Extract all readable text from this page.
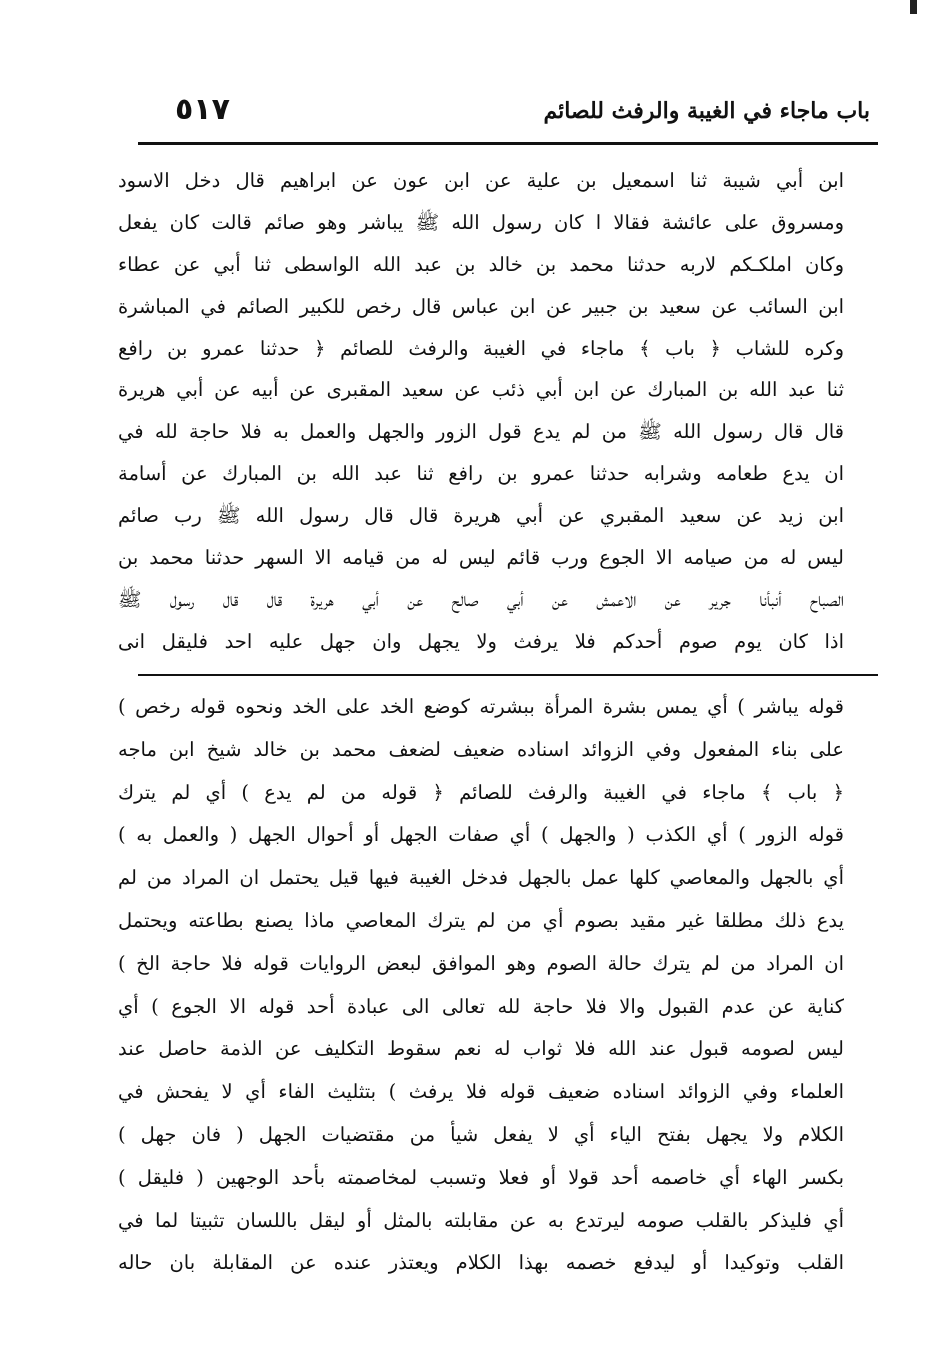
٥١٧	باب ماجاء في الغيبة والرفث للصائم
ابن أبي شيبة ثنا اسمعيل بن علية عن ابن عون عن ابراهيم قال دخل الاسود
ومسروق على عائشة فقالا ا كان رسول الله ﷺ يباشر وهو صائم قالت كان يفعل
وكان املكـكم لاربه حدثنا محمد بن خالد بن عبد الله الواسطى ثنا أبي عن عطاء
ابن السائب عن سعيد بن جبير عن ابن عباس قال رخص للكبير الصائم في المباشرة
وكره للشاب ﴿ باب ﴾ ماجاء في الغيبة والرفث للصائم ﴿ حدثنا عمرو بن رافع
ثنا عبد الله بن المبارك عن ابن أبي ذئب عن سعيد المقبرى عن أبيه عن أبي هريرة
قال قال رسول الله ﷺ من لم يدع قول الزور والجهل والعمل به فلا حاجة لله في
ان يدع طعامه وشرابه حدثنا عمرو بن رافع ثنا عبد الله بن المبارك عن أسامة
ابن زيد عن سعيد المقبري عن أبي هريرة قال قال رسول الله ﷺ رب صائم
ليس له من صيامه الا الجوع ورب قائم ليس له من قيامه الا السهر حدثنا محمد بن
الصباح أنبأنا جرير عن الاعمش عن أبي صالح عن أبي هريرة قال قال رسول ﷺ
اذا كان يوم صوم أحدكم فلا يرفث ولا يجهل وان جهل عليه احد فليقل انى
قوله يباشر ) أي يمس بشرة المرأة ببشرته كوضع الخد على الخد ونحوه قوله رخص )
على بناء المفعول وفي الزوائد اسناده ضعيف لضعف محمد بن خالد شيخ ابن ماجه
﴿ باب ﴾ ماجاء في الغيبة والرفث للصائم ﴿ قوله من لم يدع ) أي لم يترك
قوله الزور ) أي الكذب ( والجهل ) أي صفات الجهل أو أحوال الجهل ( والعمل به )
أي بالجهل والمعاصي كلها عمل بالجهل فدخل الغيبة فيها قيل يحتمل ان المراد من لم
يدع ذلك مطلقا غير مقيد بصوم أي من لم يترك المعاصي ماذا يصنع بطاعته ويحتمل
ان المراد من لم يترك حالة الصوم وهو الموافق لبعض الروايات قوله فلا حاجة الخ )
كناية عن عدم القبول والا فلا حاجة لله تعالى الى عبادة أحد قوله الا الجوع ) أي
ليس لصومه قبول عند الله فلا ثواب له نعم سقوط التكليف عن الذمة حاصل عند
العلماء وفي الزوائد اسناده ضعيف قوله فلا يرفث ) بتثليث الفاء أي لا يفحش في
الكلام ولا يجهل بفتح الياء أي لا يفعل شيأ من مقتضيات الجهل ( فان جهل )
بكسر الهاء أي خاصمه أحد قولا أو فعلا وتسبب لمخاصمته بأحد الوجهين ( فليقل )
أي فليذكر بالقلب صومه ليرتدع به عن مقابلته بالمثل أو ليقل باللسان تثبيتا لما في
القلب وتوكيدا أو ليدفع خصمه بهذا الكلام ويعتذر عنده عن المقابلة بان حاله
